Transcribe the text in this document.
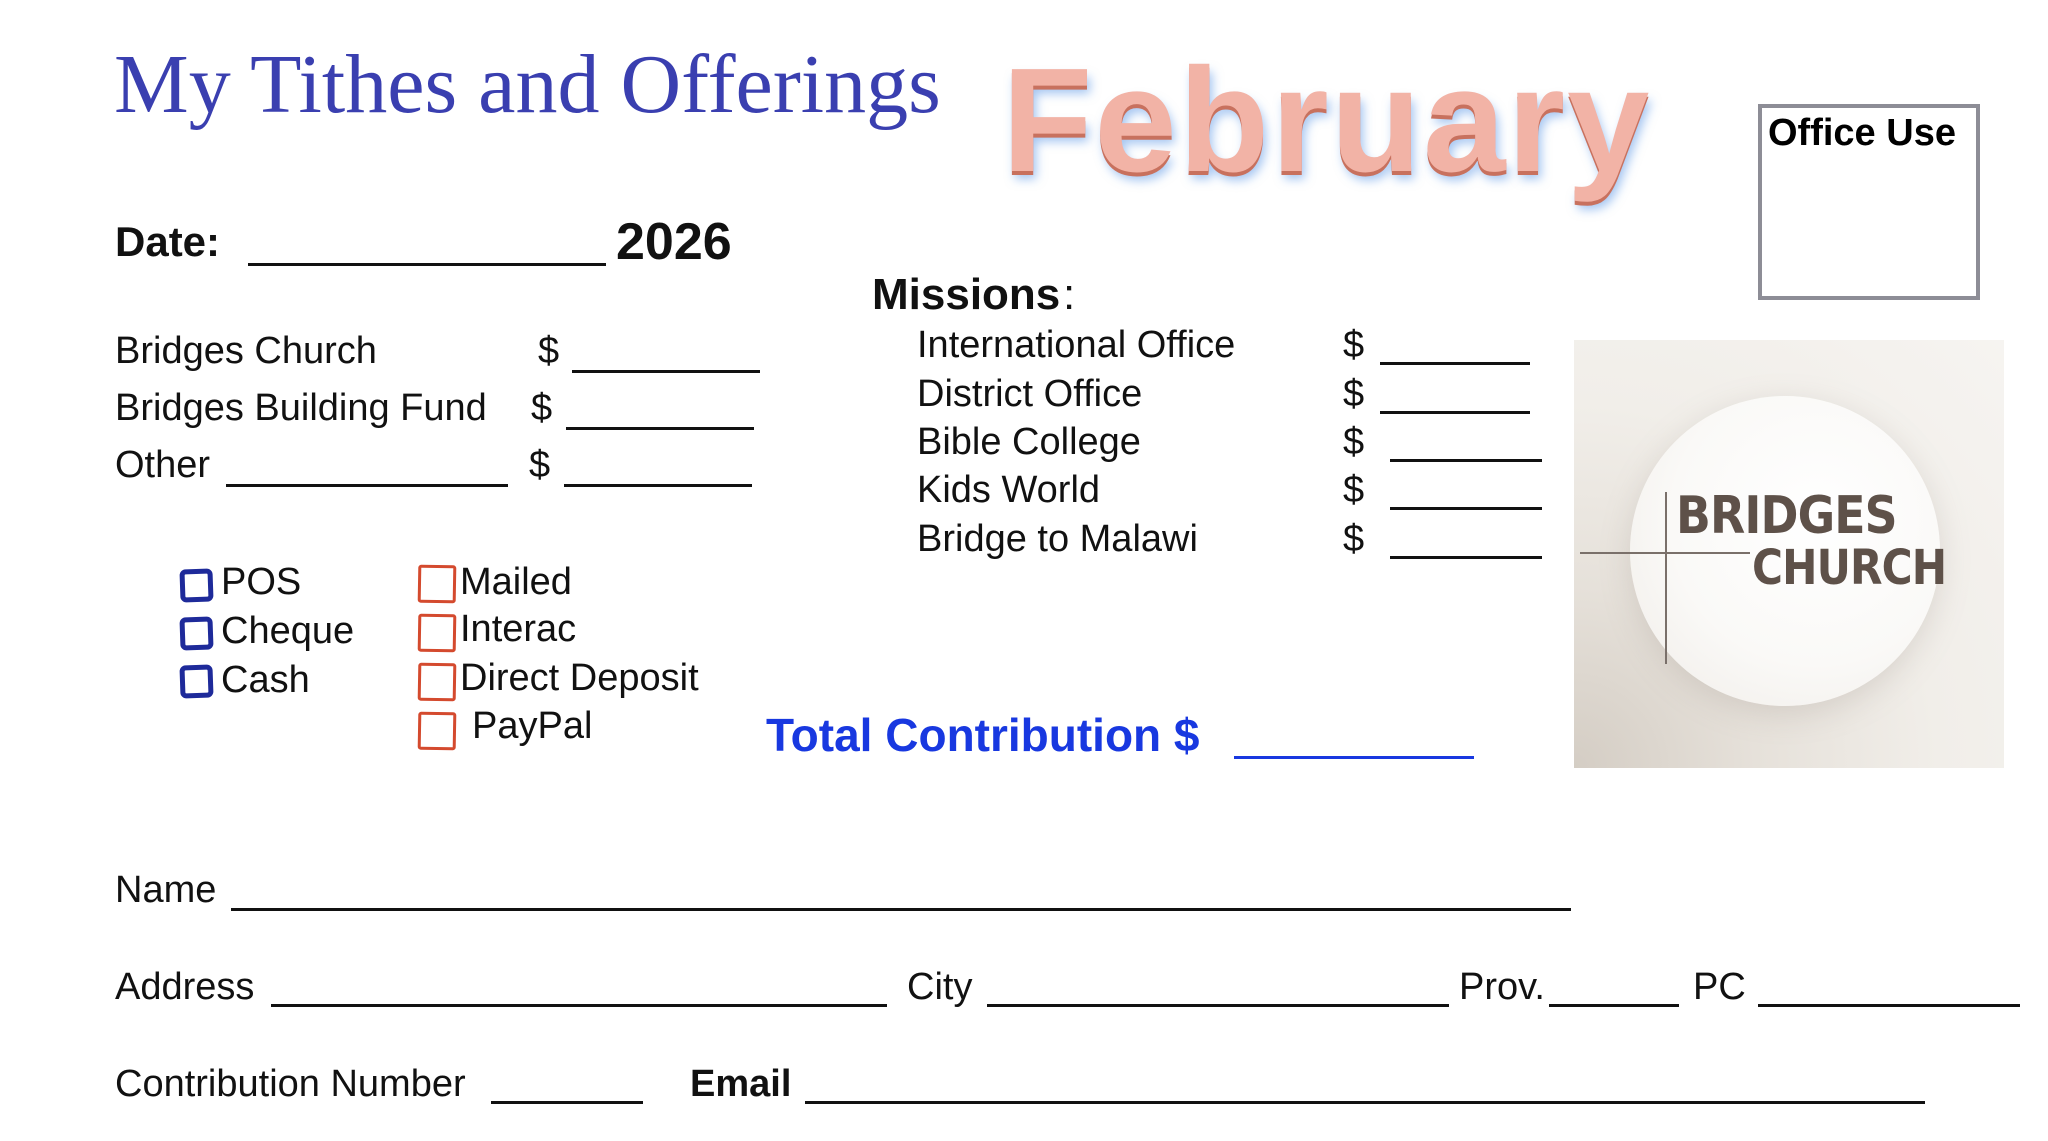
My Tithes and Offerings February	Office Use
Date:	2026
Bridges Church	$
Bridges Building Fund $
Other	$
Missions :
International Office	$
District Office	$
Bible College	$
Kids World	$
Bridge to Malawi	$
POS
Cheque
Cash
Mailed
Interac
Direct Deposit
PayPal	Total Contribution $
BRIDGES
CHURCH
Name
Address	City	Prov.	PC
Contribution Number	Email
